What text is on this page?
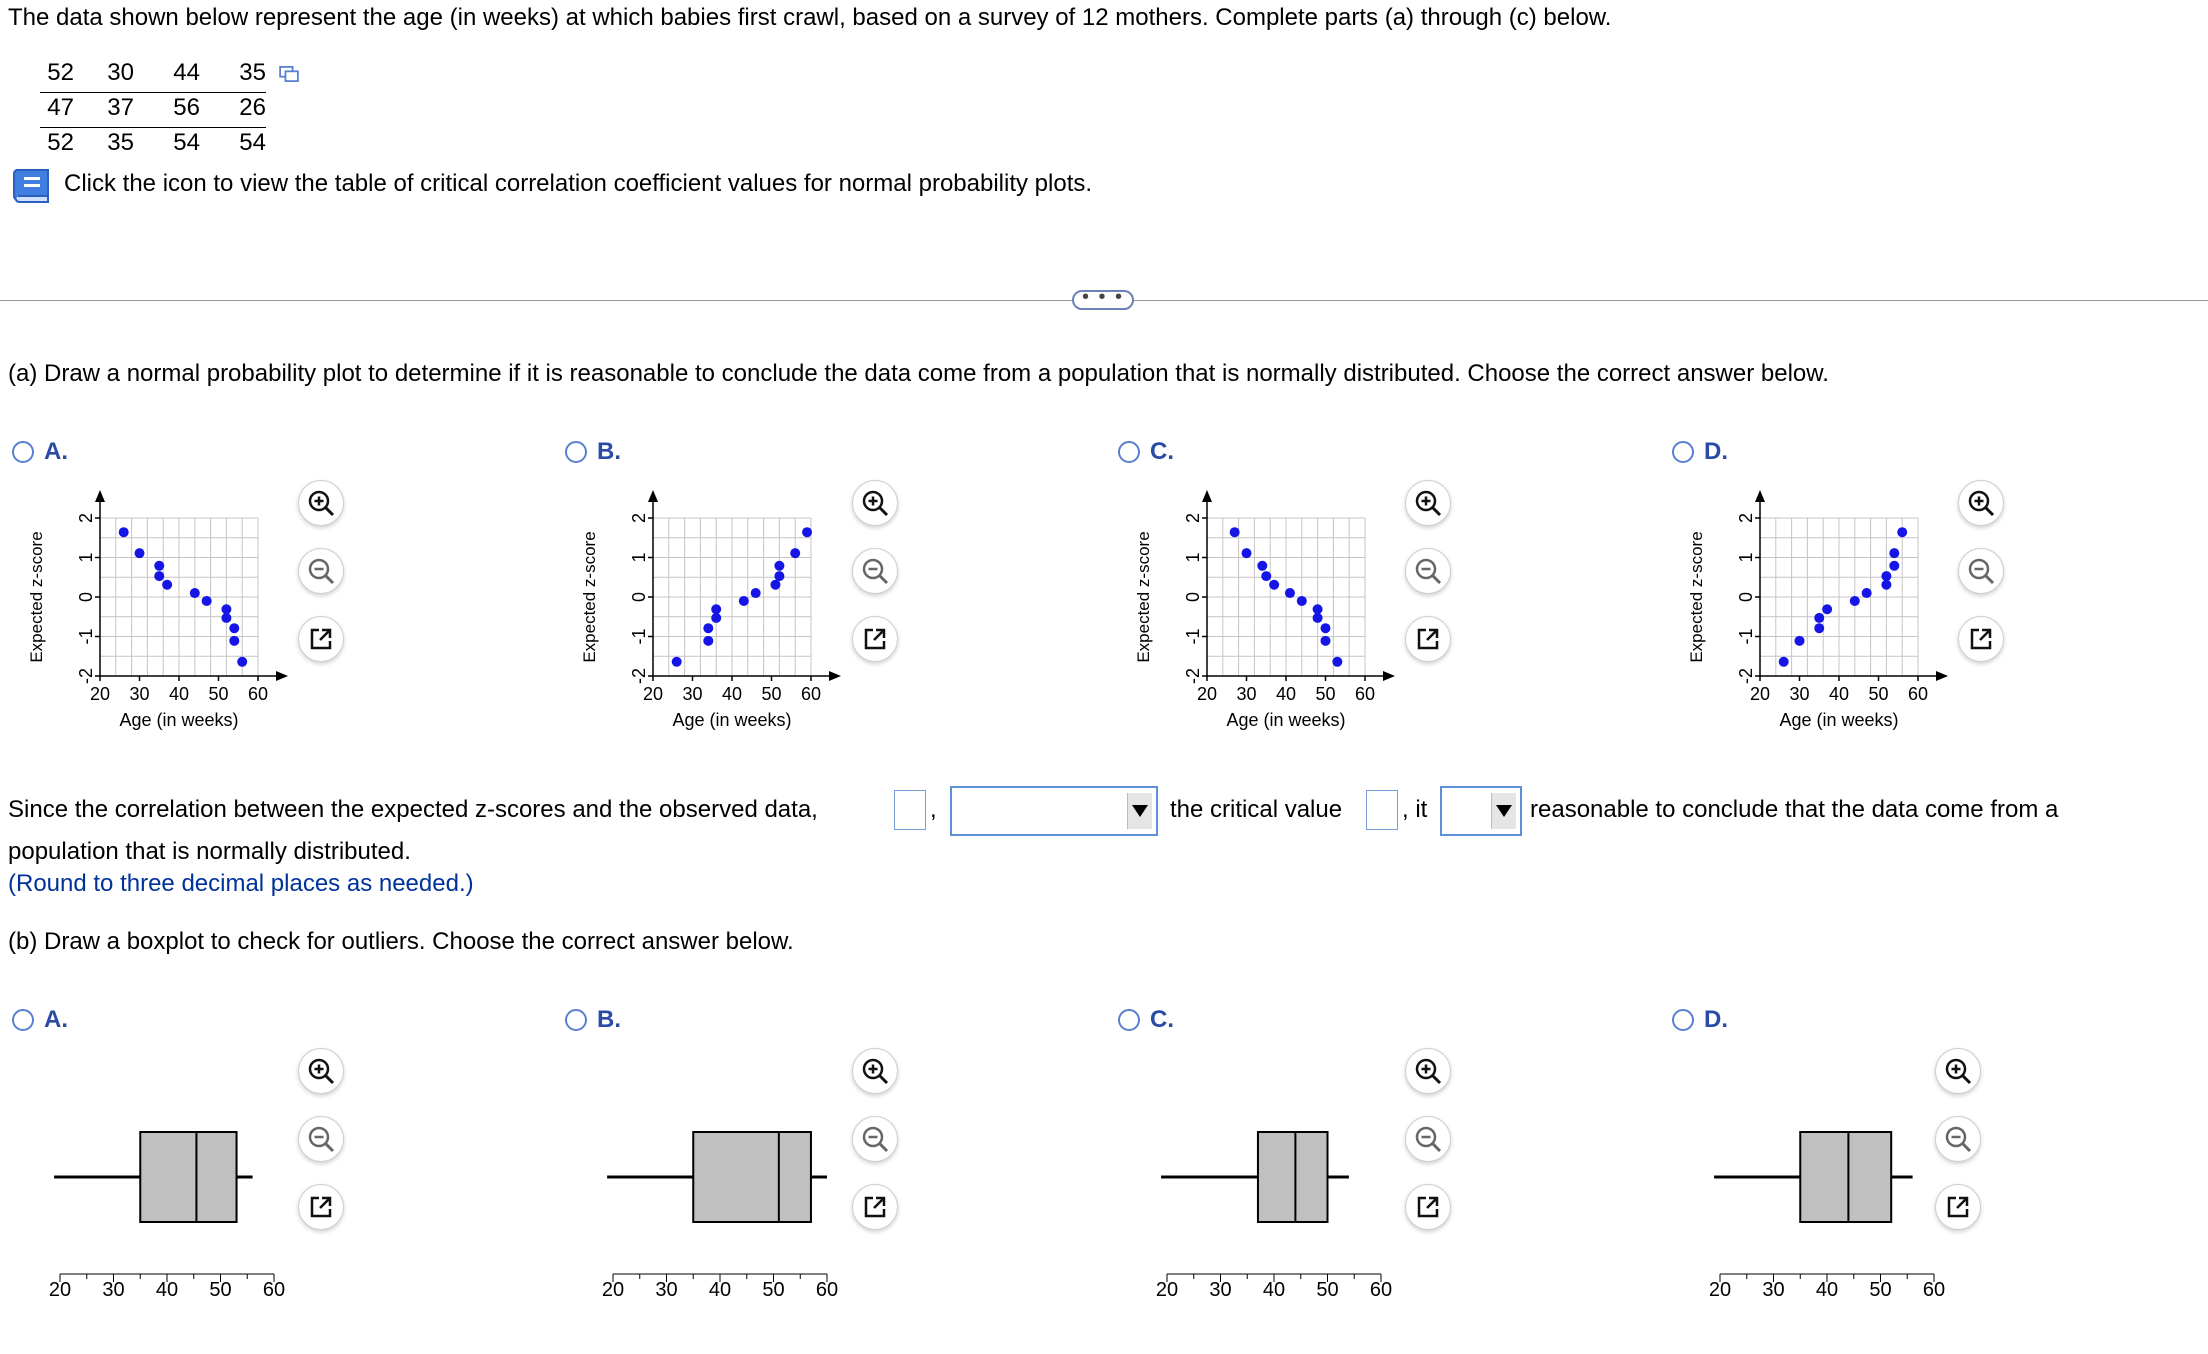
The data shown below represent the age (in weeks) at which babies first crawl, based on a survey of 12 mothers. Complete parts (a) through (c) below.
52	30	44	35
47	37	56	26
52	35	54	54
Click the icon to view the table of critical correlation coefficient values for normal probability plots.
• • •
(a) Draw a normal probability plot to determine if it is reasonable to conclude the data come from a population that is normally distributed. Choose the correct answer below.
A.	B.	C.	D.
2
1
0
-1
-2
20 30 40 50 60
Age (in weeks)
Expected z-score
2
1
0
-1
-2
20 30 40 50 60
Age (in weeks)
Expected z-score
2
1
0
-1
-2
20 30 40 50 60
Age (in weeks)
Expected z-score
2
1
0
-1
-2
20 30 40 50 60
Age (in weeks)
Expected z-score
Since the correlation between the expected z-scores and the observed data,	,	the critical value , it	reasonable to conclude that the data come from a
population that is normally distributed.
(Round to three decimal places as needed.)
(b) Draw a boxplot to check for outliers. Choose the correct answer below.
A.	B.	C.	D.
20 30 40 50 60	20 30 40 50 60	20 30 40 50 60	20 30 40 50 60
